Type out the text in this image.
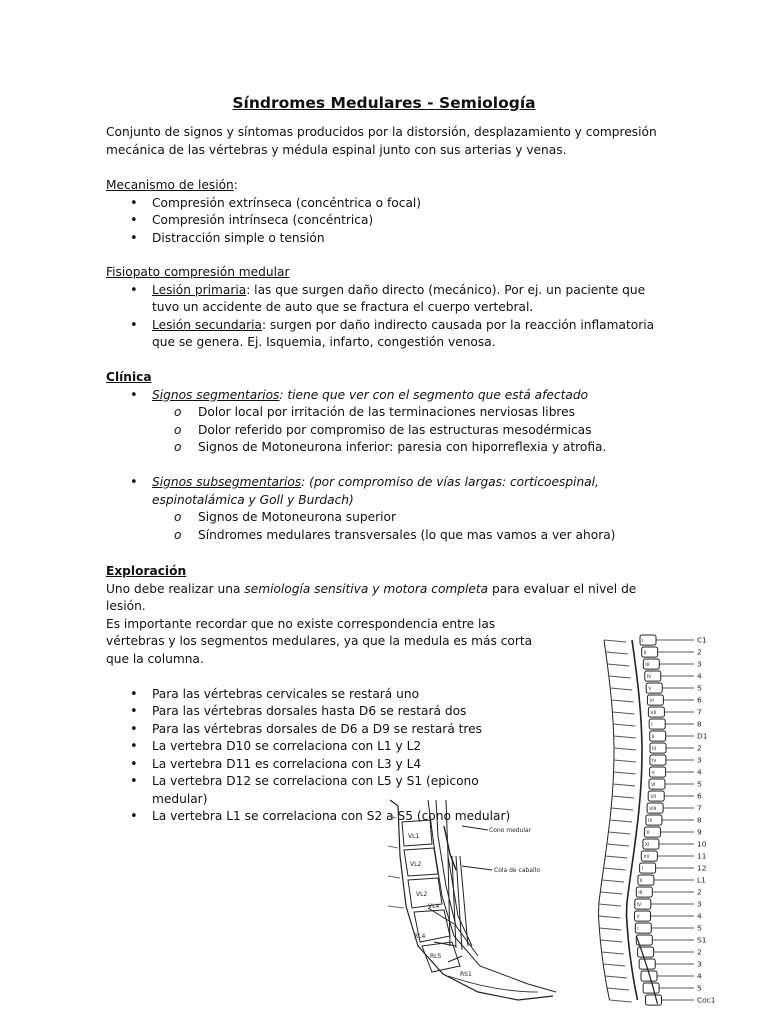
Síndromes Medulares - Semiología
Conjunto de signos y síntomas producidos por la distorsión, desplazamiento y compresión mecánica de las vértebras y médula espinal junto con sus arterias y venas.
Mecanismo de lesión:
• Compresión extrínseca (concéntrica o focal)
• Compresión intrínseca (concéntrica)
• Distracción simple o tensión
Fisiopato compresión medular
• Lesión primaria: las que surgen daño directo (mecánico). Por ej. un paciente que tuvo un accidente de auto que se fractura el cuerpo vertebral.
• Lesión secundaria: surgen por daño indirecto causada por la reacción inflamatoria que se genera. Ej. Isquemia, infarto, congestión venosa.
Clínica
• Signos segmentarios: tiene que ver con el segmento que está afectado
o Dolor local por irritación de las terminaciones nerviosas libres
o Dolor referido por compromiso de las estructuras mesodérmicas
o Signos de Motoneurona inferior: paresia con hiporreflexia y atrofia.
• Signos subsegmentarios: (por compromiso de vías largas: corticoespinal, espinotalámica y Goll y Burdach)
o Signos de Motoneurona superior
o Síndromes medulares transversales (lo que mas vamos a ver ahora)
Exploración
Uno debe realizar una semiología sensitiva y motora completa para evaluar el nivel de lesión.
Es importante recordar que no existe correspondencia entre las vértebras y los segmentos medulares, ya que la medula es más corta que la columna.
• Para las vértebras cervicales se restará uno
• Para las vértebras dorsales hasta D6 se restará dos
• Para las vértebras dorsales de D6 a D9 se restará tres
• La vertebra D10 se correlaciona con L1 y L2
• La vertebra D11 es correlaciona con L3 y L4
• La vertebra D12 se correlaciona con L5 y S1 (epicono medular)
• La vertebra L1 se correlaciona con S2 a S5 (cono medular)
Cono medular
Cola de caballo
VL1
VL2
VL2
VL4
RL4
RL5
RS1
C1
I
2
II
3
III
4
IV
5
V
6
VI
7
VII
8
I
D1
II
2
III
3
IV
4
V
5
VI
6
VII
7
VIII
8
IX
9
X
10
XI
11
XII
12
I
L1
II
2
III
3
IV
4
V
5
I
S1
2
3
4
5
Coc1
